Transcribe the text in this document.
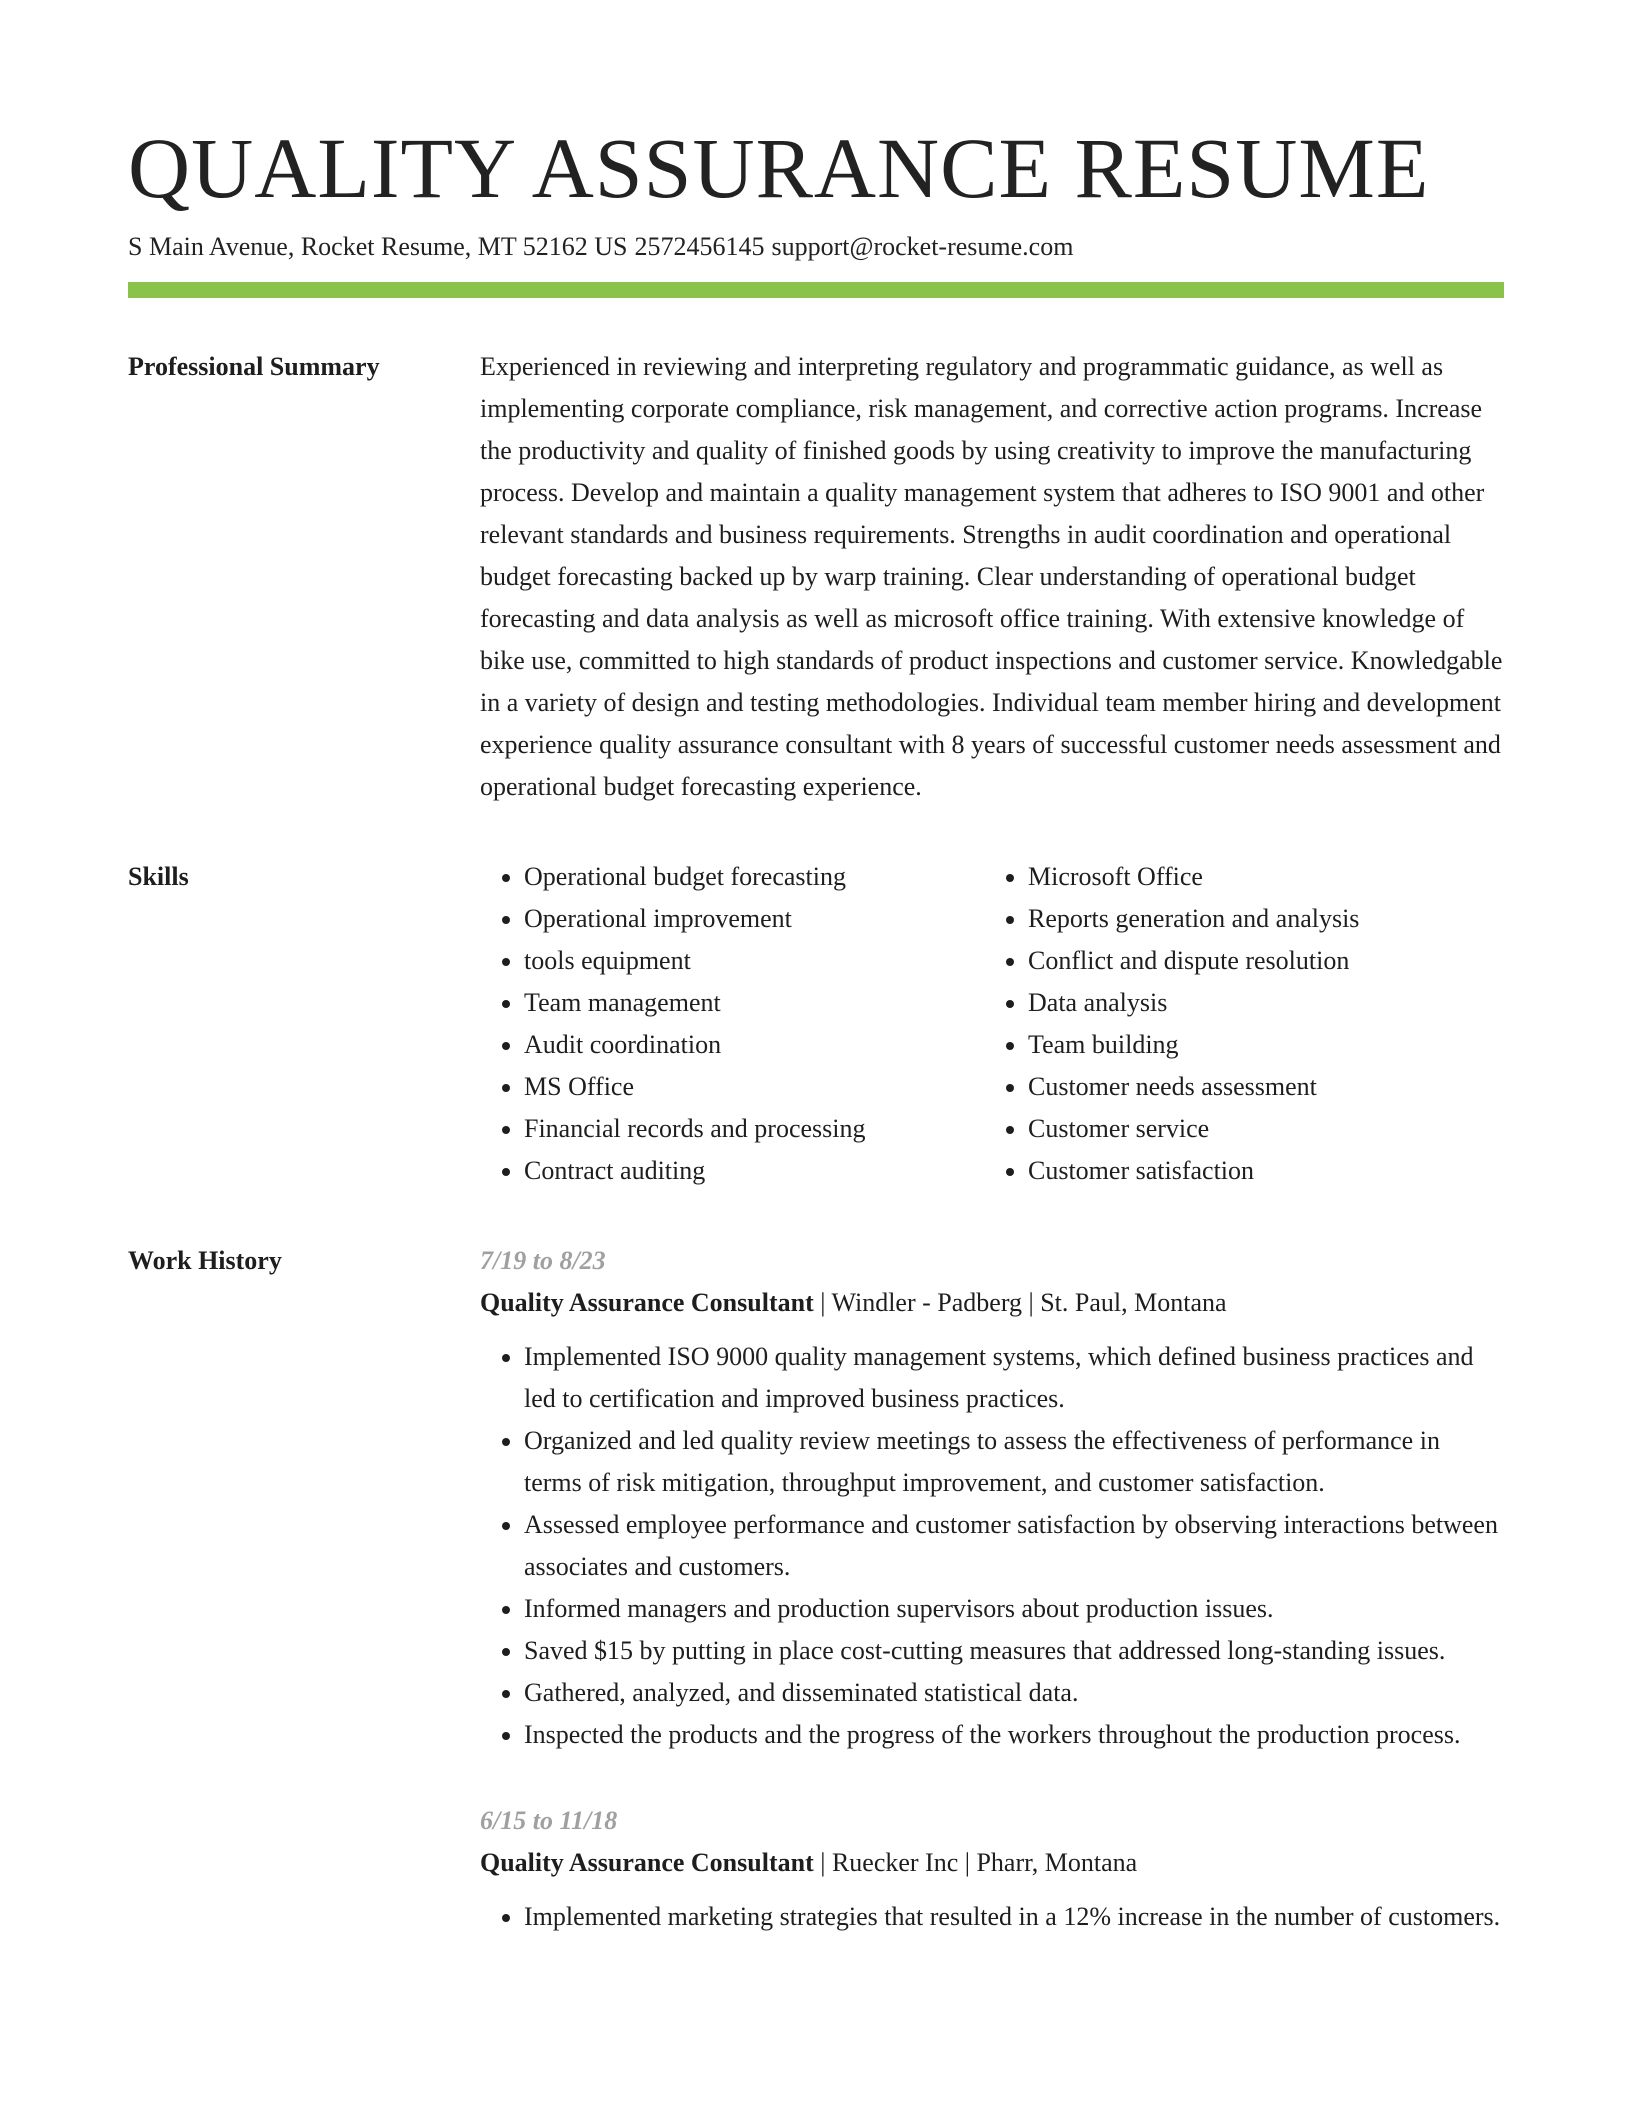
QUALITY ASSURANCE RESUME
S Main Avenue, Rocket Resume, MT 52162 US 2572456145 support@rocket-resume.com
Professional Summary	Experienced in reviewing and interpreting regulatory and programmatic guidance, as well as implementing corporate compliance, risk management, and corrective action programs. Increase the productivity and quality of finished goods by using creativity to improve the manufacturing process. Develop and maintain a quality management system that adheres to ISO 9001 and other relevant standards and business requirements. Strengths in audit coordination and operational budget forecasting backed up by warp training. Clear understanding of operational budget forecasting and data analysis as well as microsoft office training. With extensive knowledge of bike use, committed to high standards of product inspections and customer service. Knowledgable in a variety of design and testing methodologies. Individual team member hiring and development experience quality assurance consultant with 8 years of successful customer needs assessment and operational budget forecasting experience.

Skills
•	Operational budget forecasting
• Operational improvement
• tools equipment
• Team management
• Audit coordination
• MS Office
• Financial records and processing
• Contract auditing
• Microsoft Office
• Reports generation and analysis
• Conflict and dispute resolution
• Data analysis
• Team building
• Customer needs assessment
• Customer service
• Customer satisfaction
Work History	7/19 to 8/23
Quality Assurance Consultant | Windler - Padberg | St. Paul, Montana
• Implemented ISO 9000 quality management systems, which defined business practices and led to certification and improved business practices.
• Organized and led quality review meetings to assess the effectiveness of performance in terms of risk mitigation, throughput improvement, and customer satisfaction.
• Assessed employee performance and customer satisfaction by observing interactions between associates and customers.
• Informed managers and production supervisors about production issues.
• Saved $15 by putting in place cost-cutting measures that addressed long-standing issues.
• Gathered, analyzed, and disseminated statistical data.
• Inspected the products and the progress of the workers throughout the production process.
6/15 to 11/18
Quality Assurance Consultant | Ruecker Inc | Pharr, Montana
• Implemented marketing strategies that resulted in a 12% increase in the number of customers.
